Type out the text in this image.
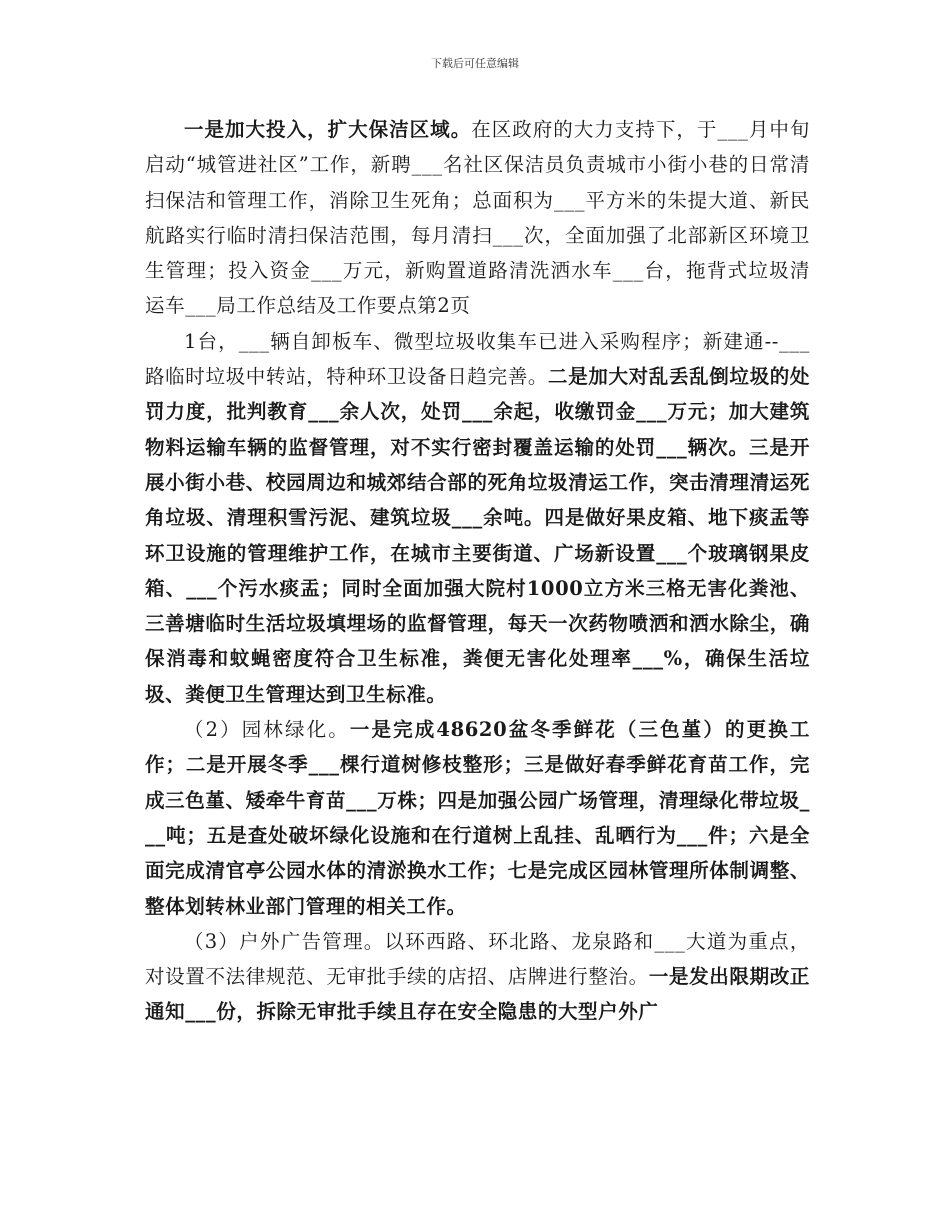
下载后可任意编辑

一是加大投入，扩大保洁区域。在区政府的大力支持下，于___月中旬启动“城管进社区”工作，新聘___名社区保洁员负责城市小街小巷的日常清扫保洁和管理工作，消除卫生死角；总面积为___平方米的朱提大道、新民航路实行临时清扫保洁范围，每月清扫___次，全面加强了北部新区环境卫生管理；投入资金___万元，新购置道路清洗洒水车___台，拖背式垃圾清运车___局工作总结及工作要点第2页

1台，___辆自卸板车、微型垃圾收集车已进入采购程序；新建通--___路临时垃圾中转站，特种环卫设备日趋完善。二是加大对乱丢乱倒垃圾的处罚力度，批判教育___余人次，处罚___余起，收缴罚金___万元；加大建筑物料运输车辆的监督管理，对不实行密封覆盖运输的处罚___辆次。三是开展小街小巷、校园周边和城郊结合部的死角垃圾清运工作，突击清理清运死角垃圾、清理积雪污泥、建筑垃圾___余吨。四是做好果皮箱、地下痰盂等环卫设施的管理维护工作，在城市主要街道、广场新设置___个玻璃钢果皮箱、___个污水痰盂；同时全面加强大院村1000立方米三格无害化粪池、三善塘临时生活垃圾填埋场的监督管理，每天一次药物喷洒和洒水除尘，确保消毒和蚊蝇密度符合卫生标准，粪便无害化处理率___%，确保生活垃圾、粪便卫生管理达到卫生标准。

（2）园林绿化。一是完成48620盆冬季鲜花（三色堇）的更换工作；二是开展冬季___棵行道树修枝整形；三是做好春季鲜花育苗工作，完成三色堇、矮牵牛育苗___万株；四是加强公园广场管理，清理绿化带垃圾___吨；五是查处破坏绿化设施和在行道树上乱挂、乱晒行为___件；六是全面完成清官亭公园水体的清淤换水工作；七是完成区园林管理所体制调整、整体划转林业部门管理的相关工作。

（3）户外广告管理。以环西路、环北路、龙泉路和___大道为重点，对设置不法律规范、无审批手续的店招、店牌进行整治。一是发出限期改正通知___份，拆除无审批手续且存在安全隐患的大型户外广
